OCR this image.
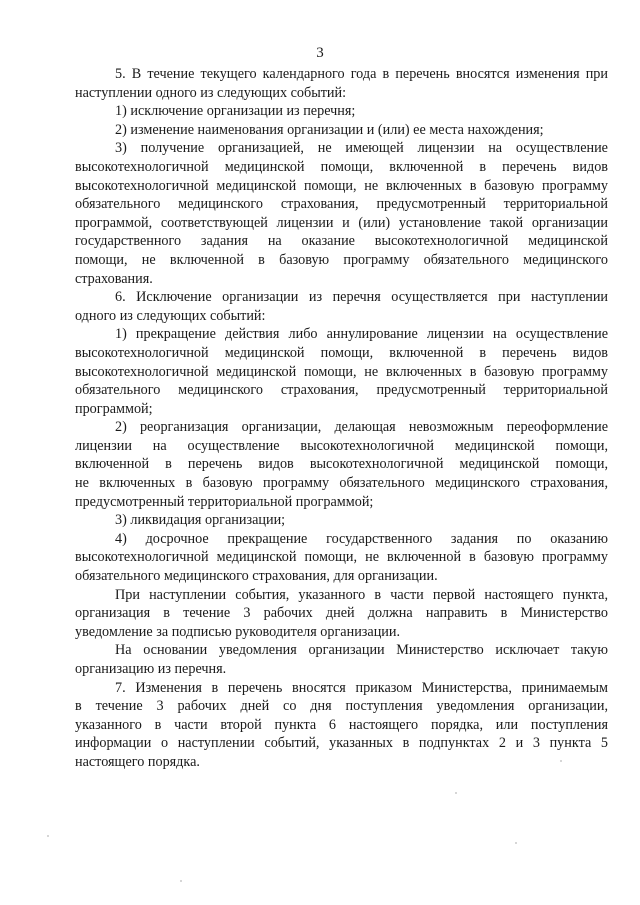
3
5. В течение текущего календарного года в перечень вносятся изменения при
наступлении одного из следующих событий:
1) исключение организации из перечня;
2) изменение наименования организации и (или) ее места нахождения;
3) получение организацией, не имеющей лицензии на осуществление
высокотехнологичной медицинской помощи, включенной в перечень видов
высокотехнологичной медицинской помощи, не включенных в базовую программу
обязательного медицинского страхования, предусмотренный территориальной
программой, соответствующей лицензии и (или) установление такой организации
государственного задания на оказание высокотехнологичной медицинской
помощи, не включенной в базовую программу обязательного медицинского
страхования.
6. Исключение организации из перечня осуществляется при наступлении
одного из следующих событий:
1) прекращение действия либо аннулирование лицензии на осуществление
высокотехнологичной медицинской помощи, включенной в перечень видов
высокотехнологичной медицинской помощи, не включенных в базовую программу
обязательного медицинского страхования, предусмотренный территориальной
программой;
2) реорганизация организации, делающая невозможным переоформление
лицензии на осуществление высокотехнологичной медицинской помощи,
включенной в перечень видов высокотехнологичной медицинской помощи,
не включенных в базовую программу обязательного медицинского страхования,
предусмотренный территориальной программой;
3) ликвидация организации;
4) досрочное прекращение государственного задания по оказанию
высокотехнологичной медицинской помощи, не включенной в базовую программу
обязательного медицинского страхования, для организации.
При наступлении события, указанного в части первой настоящего пункта,
организация в течение 3 рабочих дней должна направить в Министерство
уведомление за подписью руководителя организации.
На основании уведомления организации Министерство исключает такую
организацию из перечня.
7. Изменения в перечень вносятся приказом Министерства, принимаемым
в течение 3 рабочих дней со дня поступления уведомления организации,
указанного в части второй пункта 6 настоящего порядка, или поступления
информации о наступлении событий, указанных в подпунктах 2 и 3 пункта 5
настоящего порядка.
